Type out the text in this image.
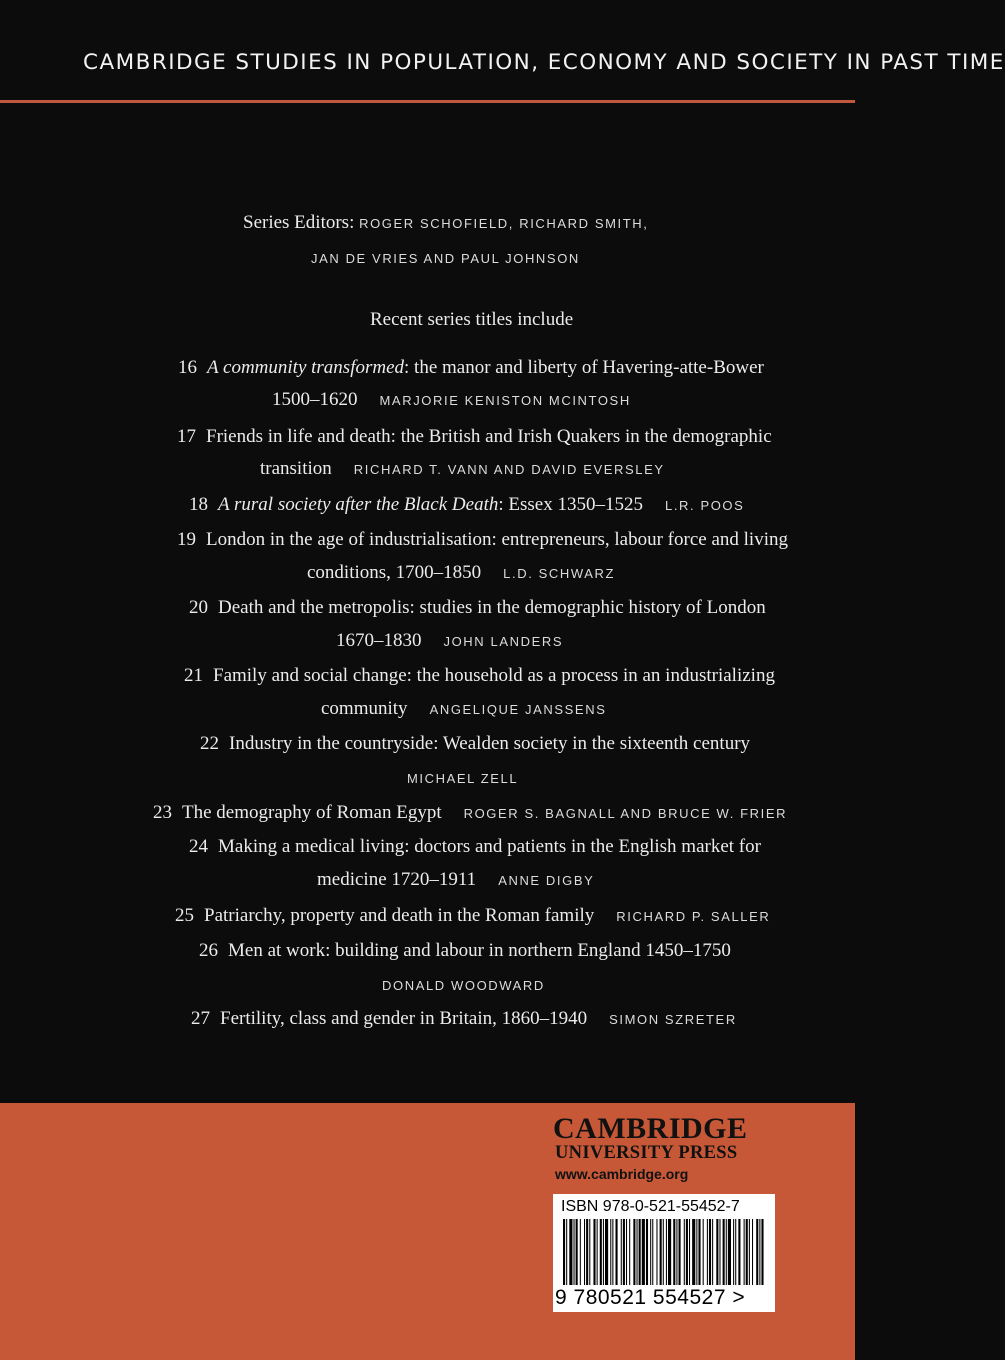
CAMBRIDGE STUDIES IN POPULATION, ECONOMY AND SOCIETY IN PAST TIME
Series Editors: ROGER SCHOFIELD, RICHARD SMITH,
JAN DE VRIES AND PAUL JOHNSON
Recent series titles include
16 A community transformed: the manor and liberty of Havering-atte-Bower
1500–1620 MARJORIE KENISTON MCINTOSH
17 Friends in life and death: the British and Irish Quakers in the demographic
transition RICHARD T. VANN AND DAVID EVERSLEY
18 A rural society after the Black Death: Essex 1350–1525 L.R. POOS
19 London in the age of industrialisation: entrepreneurs, labour force and living
conditions, 1700–1850 L.D. SCHWARZ
20 Death and the metropolis: studies in the demographic history of London
1670–1830 JOHN LANDERS
21 Family and social change: the household as a process in an industrializing
community ANGELIQUE JANSSENS
22 Industry in the countryside: Wealden society in the sixteenth century
MICHAEL ZELL
23 The demography of Roman Egypt ROGER S. BAGNALL AND BRUCE W. FRIER
24 Making a medical living: doctors and patients in the English market for
medicine 1720–1911 ANNE DIGBY
25 Patriarchy, property and death in the Roman family RICHARD P. SALLER
26 Men at work: building and labour in northern England 1450–1750
DONALD WOODWARD
27 Fertility, class and gender in Britain, 1860–1940 SIMON SZRETER
CAMBRIDGE
UNIVERSITY PRESS
www.cambridge.org
ISBN 978-0-521-55452-7
9 780521 554527 >
